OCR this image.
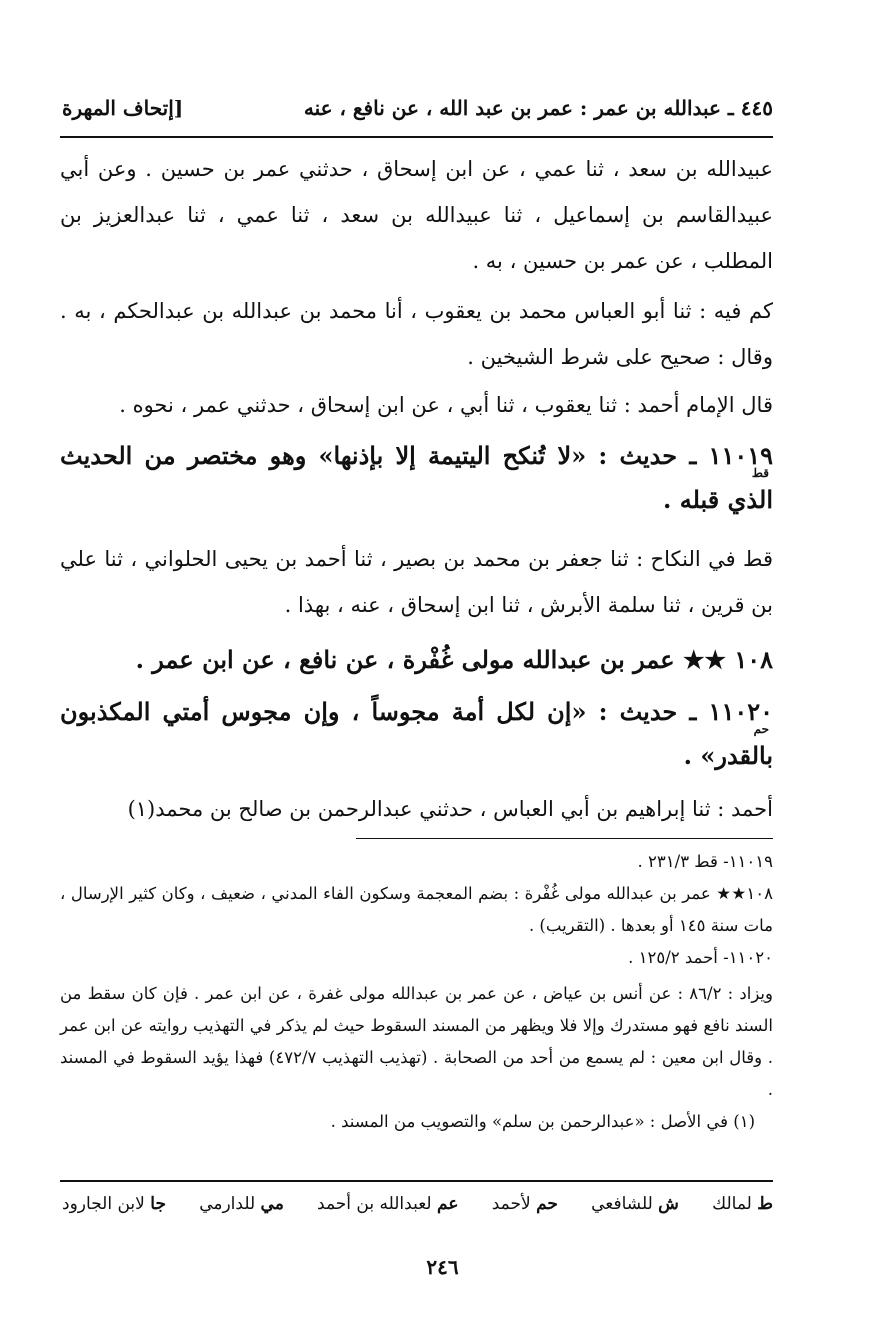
٤٤٥ ـ عبدالله بن عمر : عمر بن عبد الله ، عن نافع ، عنه
[إتحاف المهرة

عبيدالله بن سعد ، ثنا عمي ، عن ابن إسحاق ، حدثني عمر بن حسين . وعن أبي عبيدالقاسم بن إسماعيل ، ثنا عبيدالله بن سعد ، ثنا عمي ، ثنا عبدالعزيز بن المطلب ، عن عمر بن حسين ، به .

كم فيه : ثنا أبو العباس محمد بن يعقوب ، أنا محمد بن عبدالله بن عبدالحكم ، به . وقال : صحيح على شرط الشيخين .

قال الإمام أحمد : ثنا يعقوب ، ثنا أبي ، عن ابن إسحاق ، حدثني عمر ، نحوه .

١١٠١٩ ـ حديث : «لا تُنكح اليتيمة إلا بإذنها» وهو مختصر من الحديث الذي قبله .

قط

قط في النكاح : ثنا جعفر بن محمد بن بصير ، ثنا أحمد بن يحيى الحلواني ، ثنا علي بن قرين ، ثنا سلمة الأبرش ، ثنا ابن إسحاق ، عنه ، بهذا .

١٠٨ ★★ عمر بن عبدالله مولى غُفْرة ، عن نافع ، عن ابن عمر .

١١٠٢٠ ـ حديث : «إن لكل أمة مجوساً ، وإن مجوس أمتي المكذبون بالقدر» .

حم

أحمد : ثنا إبراهيم بن أبي العباس ، حدثني عبدالرحمن بن صالح بن محمد(١)

١١٠١٩- قط ٢٣١/٣ .

١٠٨★★ عمر بن عبدالله مولى غُفْرة : بضم المعجمة وسكون الفاء المدني ، ضعيف ، وكان كثير الإرسال ، مات سنة ١٤٥ أو بعدها . (التقريب) .

١١٠٢٠- أحمد ١٢٥/٢ .

ويزاد : ٨٦/٢ : عن أنس بن عياض ، عن عمر بن عبدالله مولى غفرة ، عن ابن عمر . فإن كان سقط من السند نافع فهو مستدرك وإلا فلا ويظهر من المسند السقوط حيث لم يذكر في التهذيب روايته عن ابن عمر . وقال ابن معين : لم يسمع من أحد من الصحابة . (تهذيب التهذيب ٤٧٢/٧) فهذا يؤيد السقوط في المسند .

(١) في الأصل : «عبدالرحمن بن سلم» والتصويب من المسند .

ط لمالك
ش للشافعي
حم لأحمد
عم لعبدالله بن أحمد
مي للدارمي
جا لابن الجارود
٢٤٦
